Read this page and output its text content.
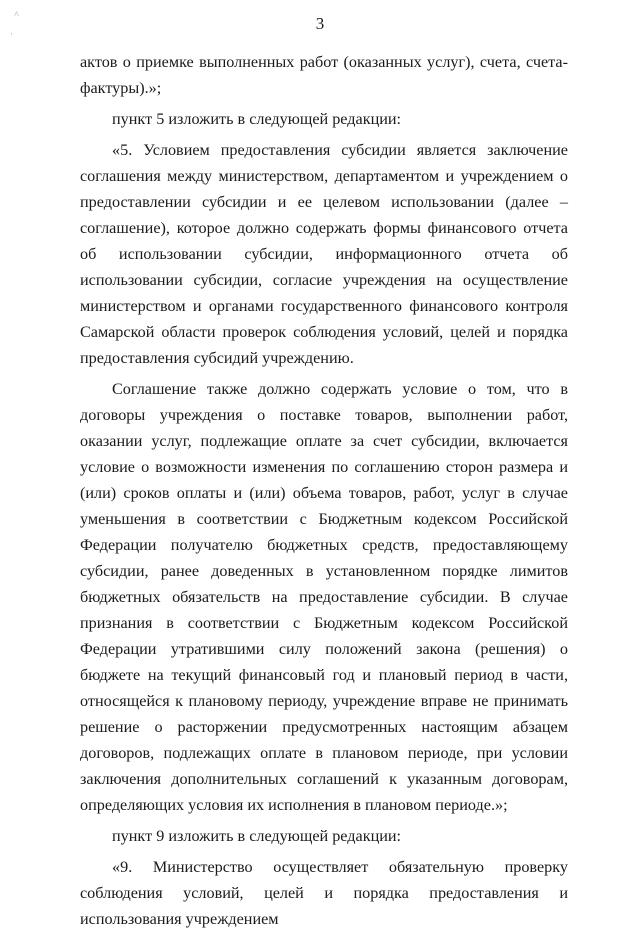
˄
·
3

актов о приемке выполненных работ (оказанных услуг), счета, счета-фактуры).»;

пункт 5 изложить в следующей редакции:

«5. Условием предоставления субсидии является заключение соглашения между министерством, департаментом и учреждением о предоставлении субсидии и ее целевом использовании (далее – соглашение), которое должно содержать формы финансового отчета об использовании субсидии, информационного отчета об использовании субсидии, согласие учреждения на осуществление министерством и органами государственного финансового контроля Самарской области проверок соблюдения условий, целей и порядка предоставления субсидий учреждению.

Соглашение также должно содержать условие о том, что в договоры учреждения о поставке товаров, выполнении работ, оказании услуг, подлежащие оплате за счет субсидии, включается условие о возможности изменения по соглашению сторон размера и (или) сроков оплаты и (или) объема товаров, работ, услуг в случае уменьшения в соответствии с Бюджетным кодексом Российской Федерации получателю бюджетных средств, предоставляющему субсидии, ранее доведенных в установленном порядке лимитов бюджетных обязательств на предоставление субсидии. В случае признания в соответствии с Бюджетным кодексом Российской Федерации утратившими силу положений закона (решения) о бюджете на текущий финансовый год и плановый период в части, относящейся к плановому периоду, учреждение вправе не принимать решение о расторжении предусмотренных настоящим абзацем договоров, подлежащих оплате в плановом периоде, при условии заключения дополнительных соглашений к указанным договорам, определяющих условия их исполнения в плановом периоде.»;

пункт 9 изложить в следующей редакции:

«9. Министерство осуществляет обязательную проверку соблюдения условий, целей и порядка предоставления и использования учреждением
